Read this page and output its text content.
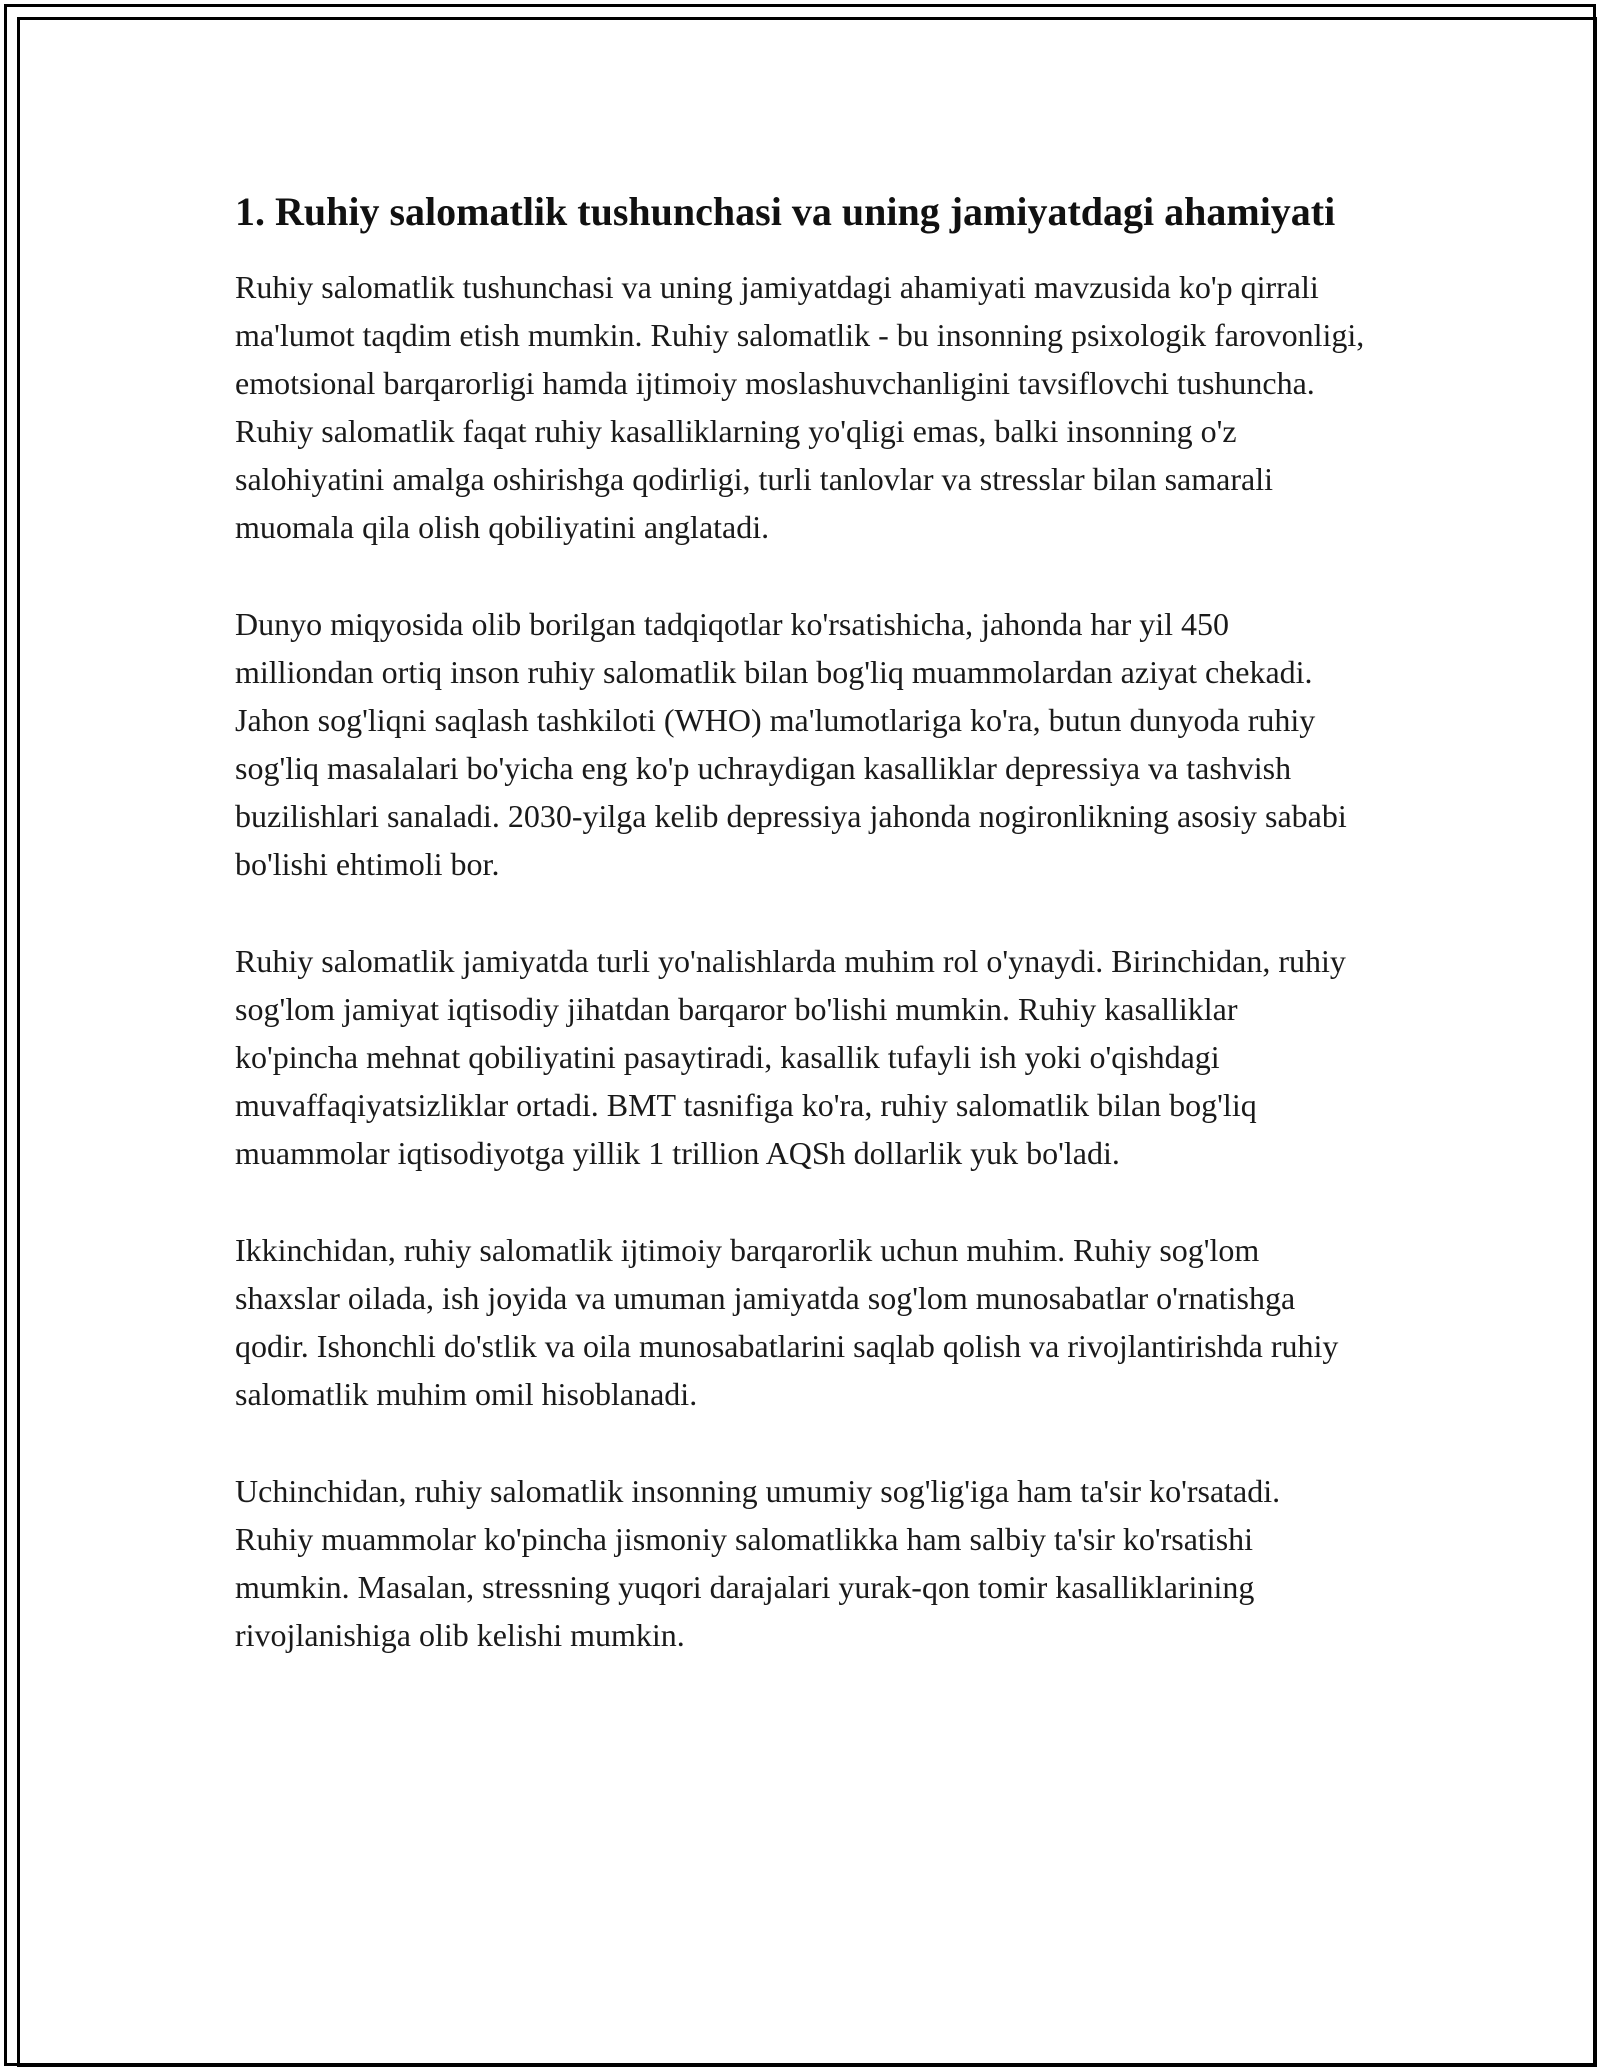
1. Ruhiy salomatlik tushunchasi va uning jamiyatdagi ahamiyati

Ruhiy salomatlik tushunchasi va uning jamiyatdagi ahamiyati mavzusida ko'p qirrali ma'lumot taqdim etish mumkin. Ruhiy salomatlik - bu insonning psixologik farovonligi, emotsional barqarorligi hamda ijtimoiy moslashuvchanligini tavsiflovchi tushuncha. Ruhiy salomatlik faqat ruhiy kasalliklarning yo'qligi emas, balki insonning o'z salohiyatini amalga oshirishga qodirligi, turli tanlovlar va stresslar bilan samarali muomala qila olish qobiliyatini anglatadi.

Dunyo miqyosida olib borilgan tadqiqotlar ko'rsatishicha, jahonda har yil 450 milliondan ortiq inson ruhiy salomatlik bilan bog'liq muammolardan aziyat chekadi. Jahon sog'liqni saqlash tashkiloti (WHO) ma'lumotlariga ko'ra, butun dunyoda ruhiy sog'liq masalalari bo'yicha eng ko'p uchraydigan kasalliklar depressiya va tashvish buzilishlari sanaladi. 2030-yilga kelib depressiya jahonda nogironlikning asosiy sababi bo'lishi ehtimoli bor.

Ruhiy salomatlik jamiyatda turli yo'nalishlarda muhim rol o'ynaydi. Birinchidan, ruhiy sog'lom jamiyat iqtisodiy jihatdan barqaror bo'lishi mumkin. Ruhiy kasalliklar ko'pincha mehnat qobiliyatini pasaytiradi, kasallik tufayli ish yoki o'qishdagi muvaffaqiyatsizliklar ortadi. BMT tasnifiga ko'ra, ruhiy salomatlik bilan bog'liq muammolar iqtisodiyotga yillik 1 trillion AQSh dollarlik yuk bo'ladi.

Ikkinchidan, ruhiy salomatlik ijtimoiy barqarorlik uchun muhim. Ruhiy sog'lom shaxslar oilada, ish joyida va umuman jamiyatda sog'lom munosabatlar o'rnatishga qodir. Ishonchli do'stlik va oila munosabatlarini saqlab qolish va rivojlantirishda ruhiy salomatlik muhim omil hisoblanadi.

Uchinchidan, ruhiy salomatlik insonning umumiy sog'lig'iga ham ta'sir ko'rsatadi. Ruhiy muammolar ko'pincha jismoniy salomatlikka ham salbiy ta'sir ko'rsatishi mumkin. Masalan, stressning yuqori darajalari yurak-qon tomir kasalliklarining rivojlanishiga olib kelishi mumkin.
